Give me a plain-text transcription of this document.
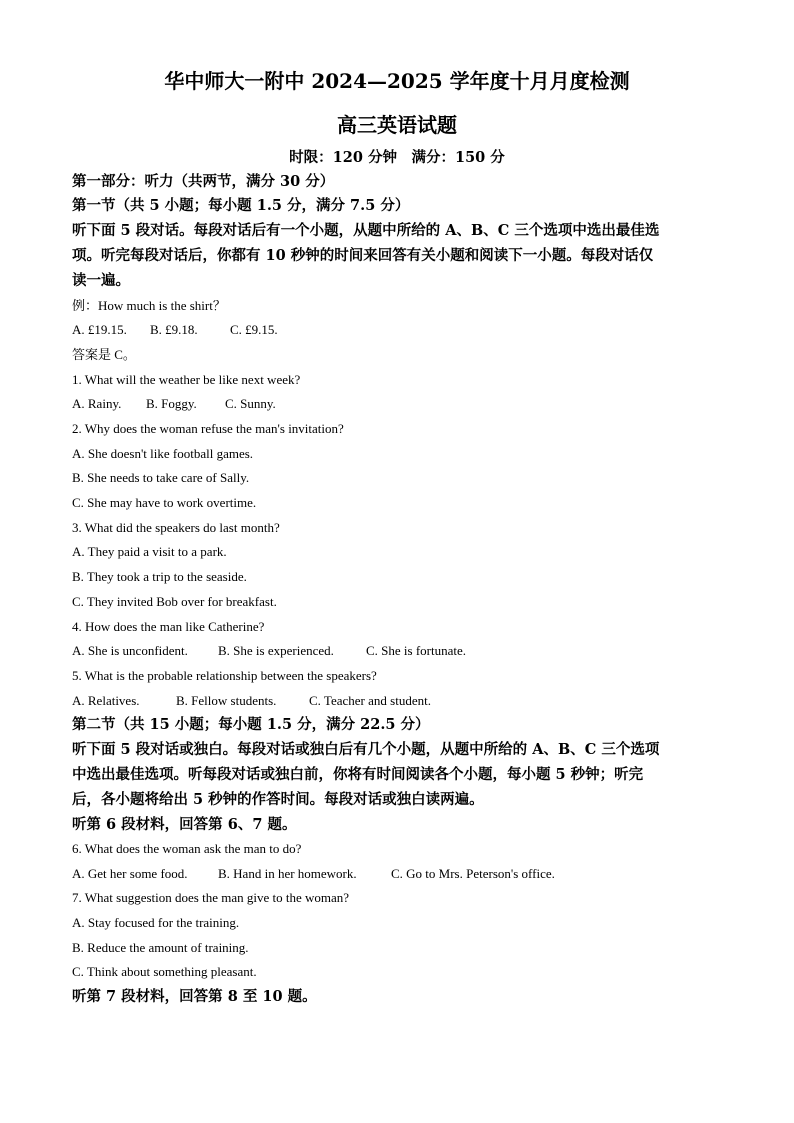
华中师大一附中 2024—2025 学年度十月月度检测
高三英语试题
时限：120 分钟　满分：150 分
第一部分：听力（共两节，满分 30 分）
第一节（共 5 小题；每小题 1.5 分，满分 7.5 分）
听下面 5 段对话。每段对话后有一个小题，从题中所给的 A、B、C 三个选项中选出最佳选
项。听完每段对话后，你都有 10 秒钟的时间来回答有关小题和阅读下一小题。每段对话仅
读一遍。
例：How much is the shirt？
A. £19.15. B. £9.18. C. £9.15.
答案是 C。
1. What will the weather be like next week?
A. Rainy. B. Foggy. C. Sunny.
2. Why does the woman refuse the man's invitation?
A. She doesn't like football games.
B. She needs to take care of Sally.
C. She may have to work overtime.
3. What did the speakers do last month?
A. They paid a visit to a park.
B. They took a trip to the seaside.
C. They invited Bob over for breakfast.
4. How does the man like Catherine?
A. She is unconfident. B. She is experienced. C. She is fortunate.
5. What is the probable relationship between the speakers?
A. Relatives.	B. Fellow students.	C. Teacher and student.
第二节（共 15 小题；每小题 1.5 分，满分 22.5 分）
听下面 5 段对话或独白。每段对话或独白后有几个小题，从题中所给的 A、B、C 三个选项
中选出最佳选项。听每段对话或独白前，你将有时间阅读各个小题，每小题 5 秒钟；听完
后，各小题将给出 5 秒钟的作答时间。每段对话或独白读两遍。
听第 6 段材料，回答第 6、7 题。
6. What does the woman ask the man to do?
A. Get her some food. B. Hand in her homework.	C. Go to Mrs. Peterson's office.
7. What suggestion does the man give to the woman?
A. Stay focused for the training.
B. Reduce the amount of training.
C. Think about something pleasant.
听第 7 段材料，回答第 8 至 10 题。
